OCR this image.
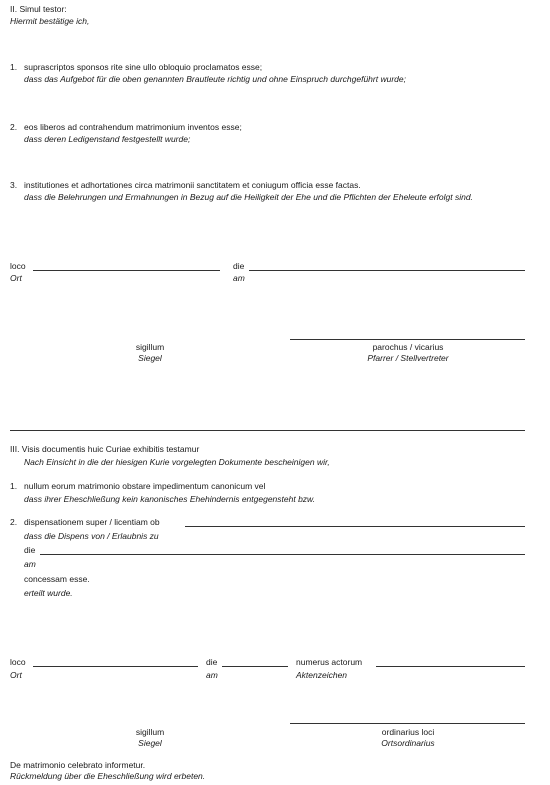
II. Simul testor:
Hiermit bestätige ich,
1. suprascriptos sponsos rite sine ullo obloquio proclamatos esse;
dass das Aufgebot für die oben genannten Brautleute richtig und ohne Einspruch durchgeführt wurde;
2. eos liberos ad contrahendum matrimonium inventos esse;
dass deren Ledigenstand festgestellt wurde;
3. institutiones et adhortationes circa matrimonii sanctitatem et coniugum officia esse factas.
dass die Belehrungen und Ermahnungen in Bezug auf die Heiligkeit der Ehe und die Pflichten der Eheleute erfolgt sind.
loco
Ort
die
am
sigillum
Siegel
parochus / vicarius
Pfarrer / Stellvertreter
III. Visis documentis huic Curiae exhibitis testamur
Nach Einsicht in die der hiesigen Kurie vorgelegten Dokumente bescheinigen wir,
1. nullum eorum matrimonio obstare impedimentum canonicum vel
dass ihrer Eheschließung kein kanonisches Ehehindernis entgegensteht bzw.
2. dispensationem super / licentiam ob
dass die Dispens von / Erlaubnis zu
die
am
concessam esse.
erteilt wurde.
loco
Ort
die
am
numerus actorum
Aktenzeichen
sigillum
Siegel
ordinarius loci
Ortsordinarius
De matrimonio celebrato informetur.
Rückmeldung über die Eheschließung wird erbeten.
